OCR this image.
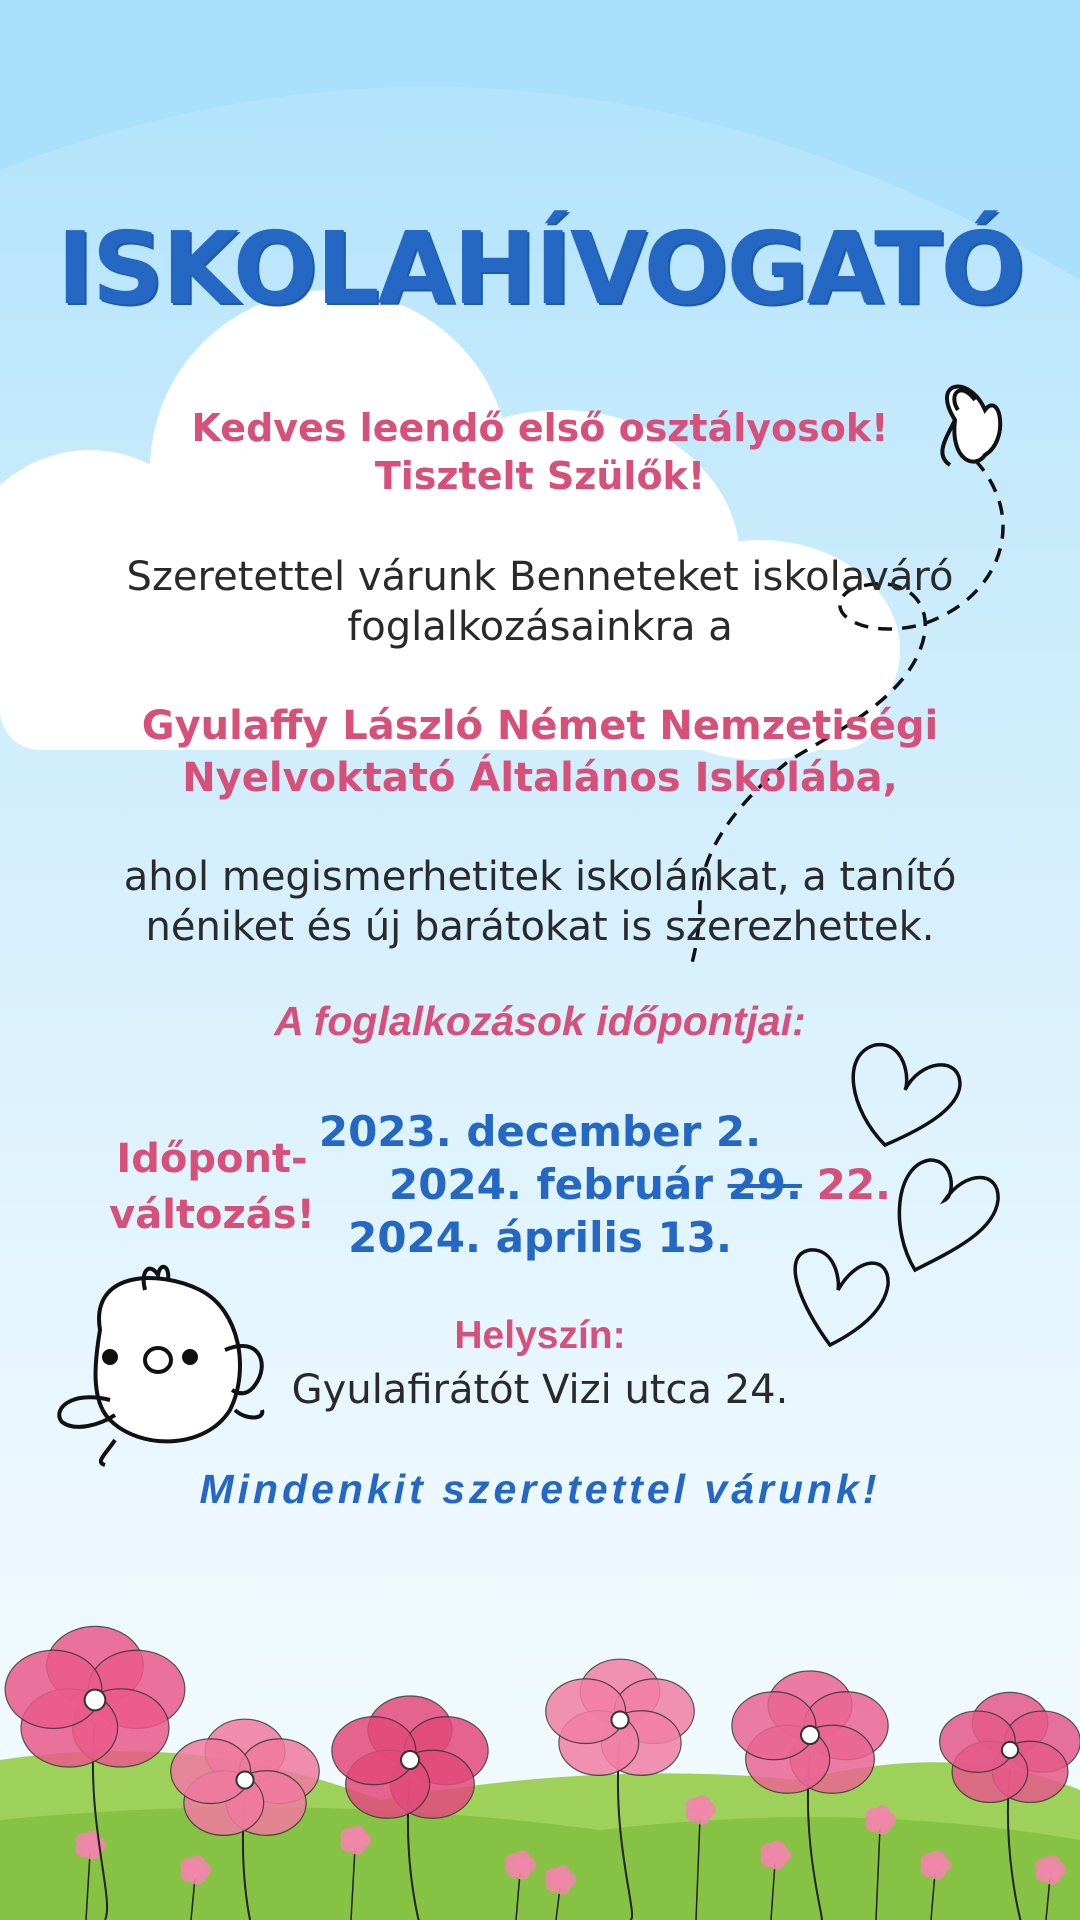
ISKOLAHÍVOGATÓ

Kedves leendő első osztályosok!

Tisztelt Szülők!

Szeretettel várunk Benneteket iskolaváró

foglalkozásainkra a

Gyulaffy László Német Nemzetiségi

Nyelvoktató Általános Iskolába,

ahol megismerhetitek iskolánkat, a tanító

néniket és új barátokat is szerezhettek.

A foglalkozások időpontjai:

2023. december 2.

2024. február 29. 22.

2024. április 13.

Időpont-

változás!

Helyszín:

Gyulafirátót Vizi utca 24.

Mindenkit szeretettel várunk!
